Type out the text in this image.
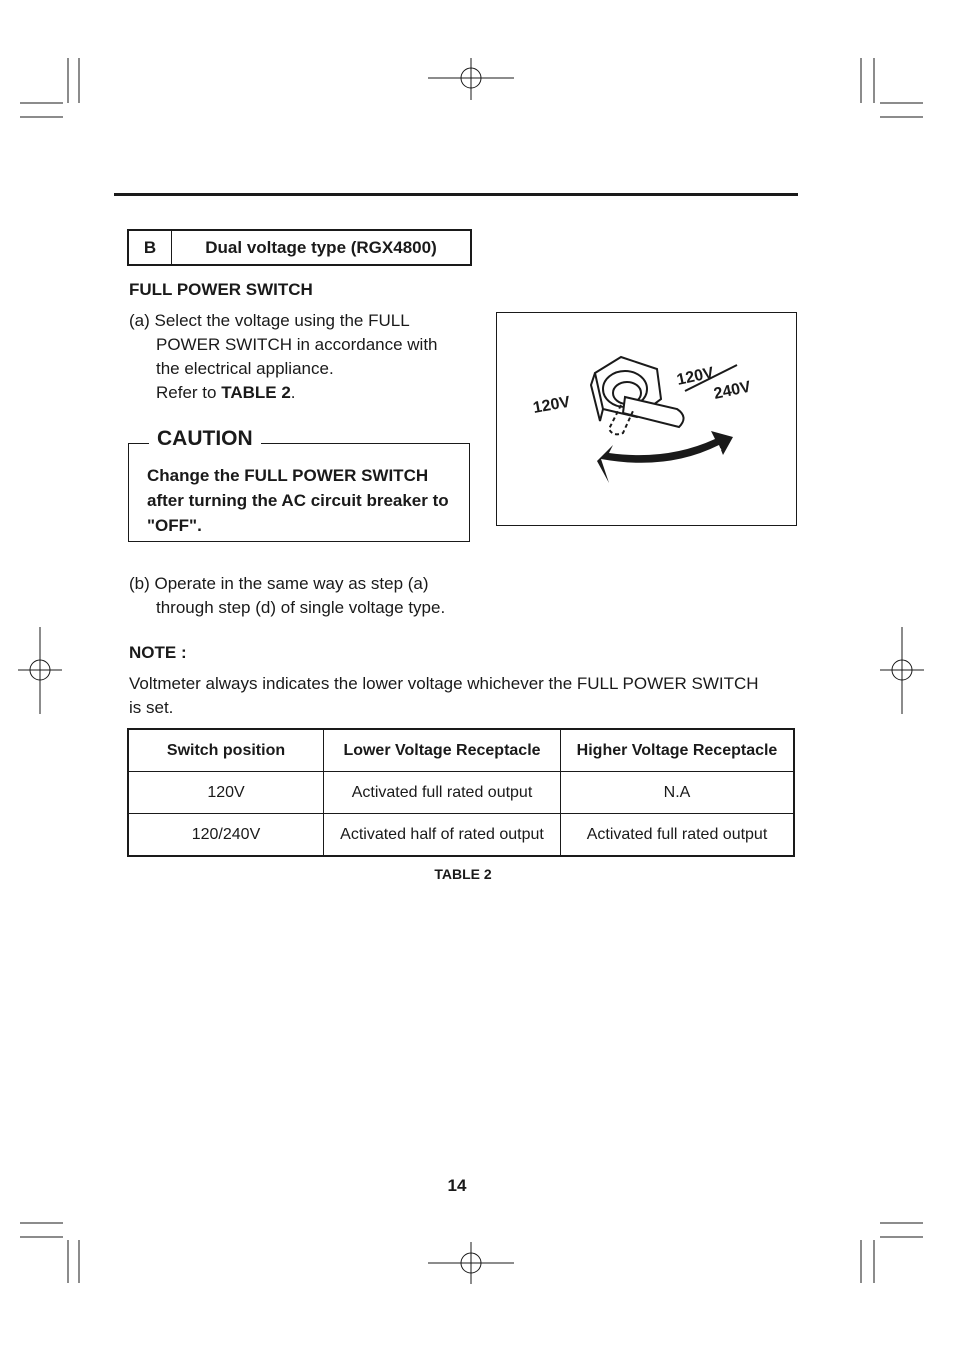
B	Dual voltage type (RGX4800)
FULL POWER SWITCH
(a) Select the voltage using the FULL
POWER SWITCH in accordance with
the electrical appliance.
Refer to TABLE 2.
CAUTION
Change the FULL POWER SWITCH after turning the AC circuit breaker to "OFF".
120V
120V
240V
(b) Operate in the same way as step (a)
through step (d) of single voltage type.
NOTE :
Voltmeter always indicates the lower voltage whichever the FULL POWER SWITCH is set.
Switch position	Lower Voltage Receptacle	Higher Voltage Receptacle
120V	Activated full rated output	N.A
120/240V	Activated half of rated output	Activated full rated output
TABLE 2
14
